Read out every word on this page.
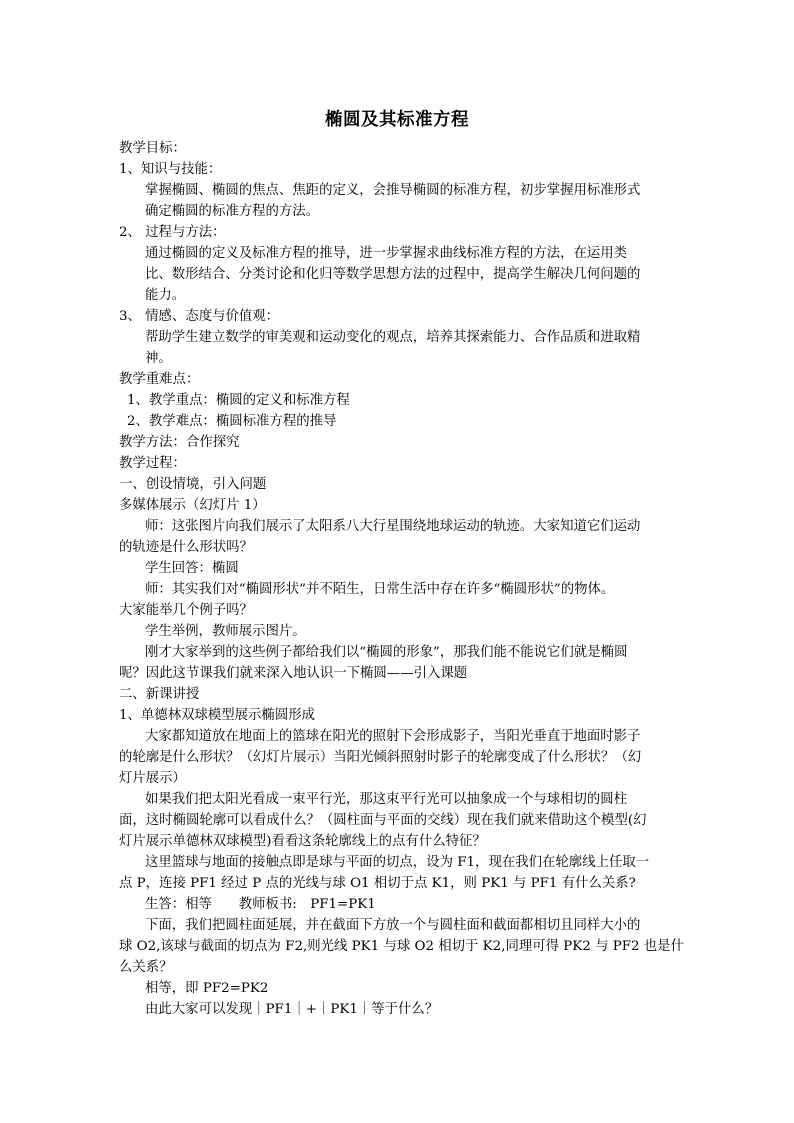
椭圆及其标准方程
教学目标：
1、知识与技能：
掌握椭圆、椭圆的焦点、焦距的定义，会推导椭圆的标准方程，初步掌握用标准形式
确定椭圆的标准方程的方法。
2、 过程与方法：
通过椭圆的定义及标准方程的推导，进一步掌握求曲线标准方程的方法，在运用类
比、数形结合、分类讨论和化归等数学思想方法的过程中，提高学生解决几何问题的
能力。
3、 情感、态度与价值观：
帮助学生建立数学的审美观和运动变化的观点，培养其探索能力、合作品质和进取精
神。
教学重难点：
1、教学重点：椭圆的定义和标准方程
2、教学难点：椭圆标准方程的推导
教学方法：合作探究
教学过程：
一、创设情境，引入问题
多媒体展示（幻灯片 1）
师：这张图片向我们展示了太阳系八大行星围绕地球运动的轨迹。大家知道它们运动
的轨迹是什么形状吗？
学生回答：椭圆
师：其实我们对“椭圆形状”并不陌生，日常生活中存在许多“椭圆形状”的物体。
大家能举几个例子吗？
学生举例，教师展示图片。
刚才大家举到的这些例子都给我们以“椭圆的形象”，那我们能不能说它们就是椭圆
呢？因此这节课我们就来深入地认识一下椭圆——引入课题
二、新课讲授
1、单德林双球模型展示椭圆形成
大家都知道放在地面上的篮球在阳光的照射下会形成影子，当阳光垂直于地面时影子
的轮廓是什么形状？（幻灯片展示）当阳光倾斜照射时影子的轮廓变成了什么形状？（幻
灯片展示）
如果我们把太阳光看成一束平行光，那这束平行光可以抽象成一个与球相切的圆柱
面，这时椭圆轮廓可以看成什么？（圆柱面与平面的交线）现在我们就来借助这个模型(幻
灯片展示单德林双球模型)看看这条轮廓线上的点有什么特征？
这里篮球与地面的接触点即是球与平面的切点，设为 F1，现在我们在轮廓线上任取一
点 P，连接 PF1 经过 P 点的光线与球 O1 相切于点 K1，则 PK1 与 PF1 有什么关系?
生答：相等　　教师板书:　PF1=PK1
下面，我们把圆柱面延展，并在截面下方放一个与圆柱面和截面都相切且同样大小的
球 O2,该球与截面的切点为 F2,则光线 PK1 与球 O2 相切于 K2,同理可得 PK2 与 PF2 也是什
么关系？
相等，即 PF2=PK2
由此大家可以发现｜PF1｜+｜PK1｜等于什么？
